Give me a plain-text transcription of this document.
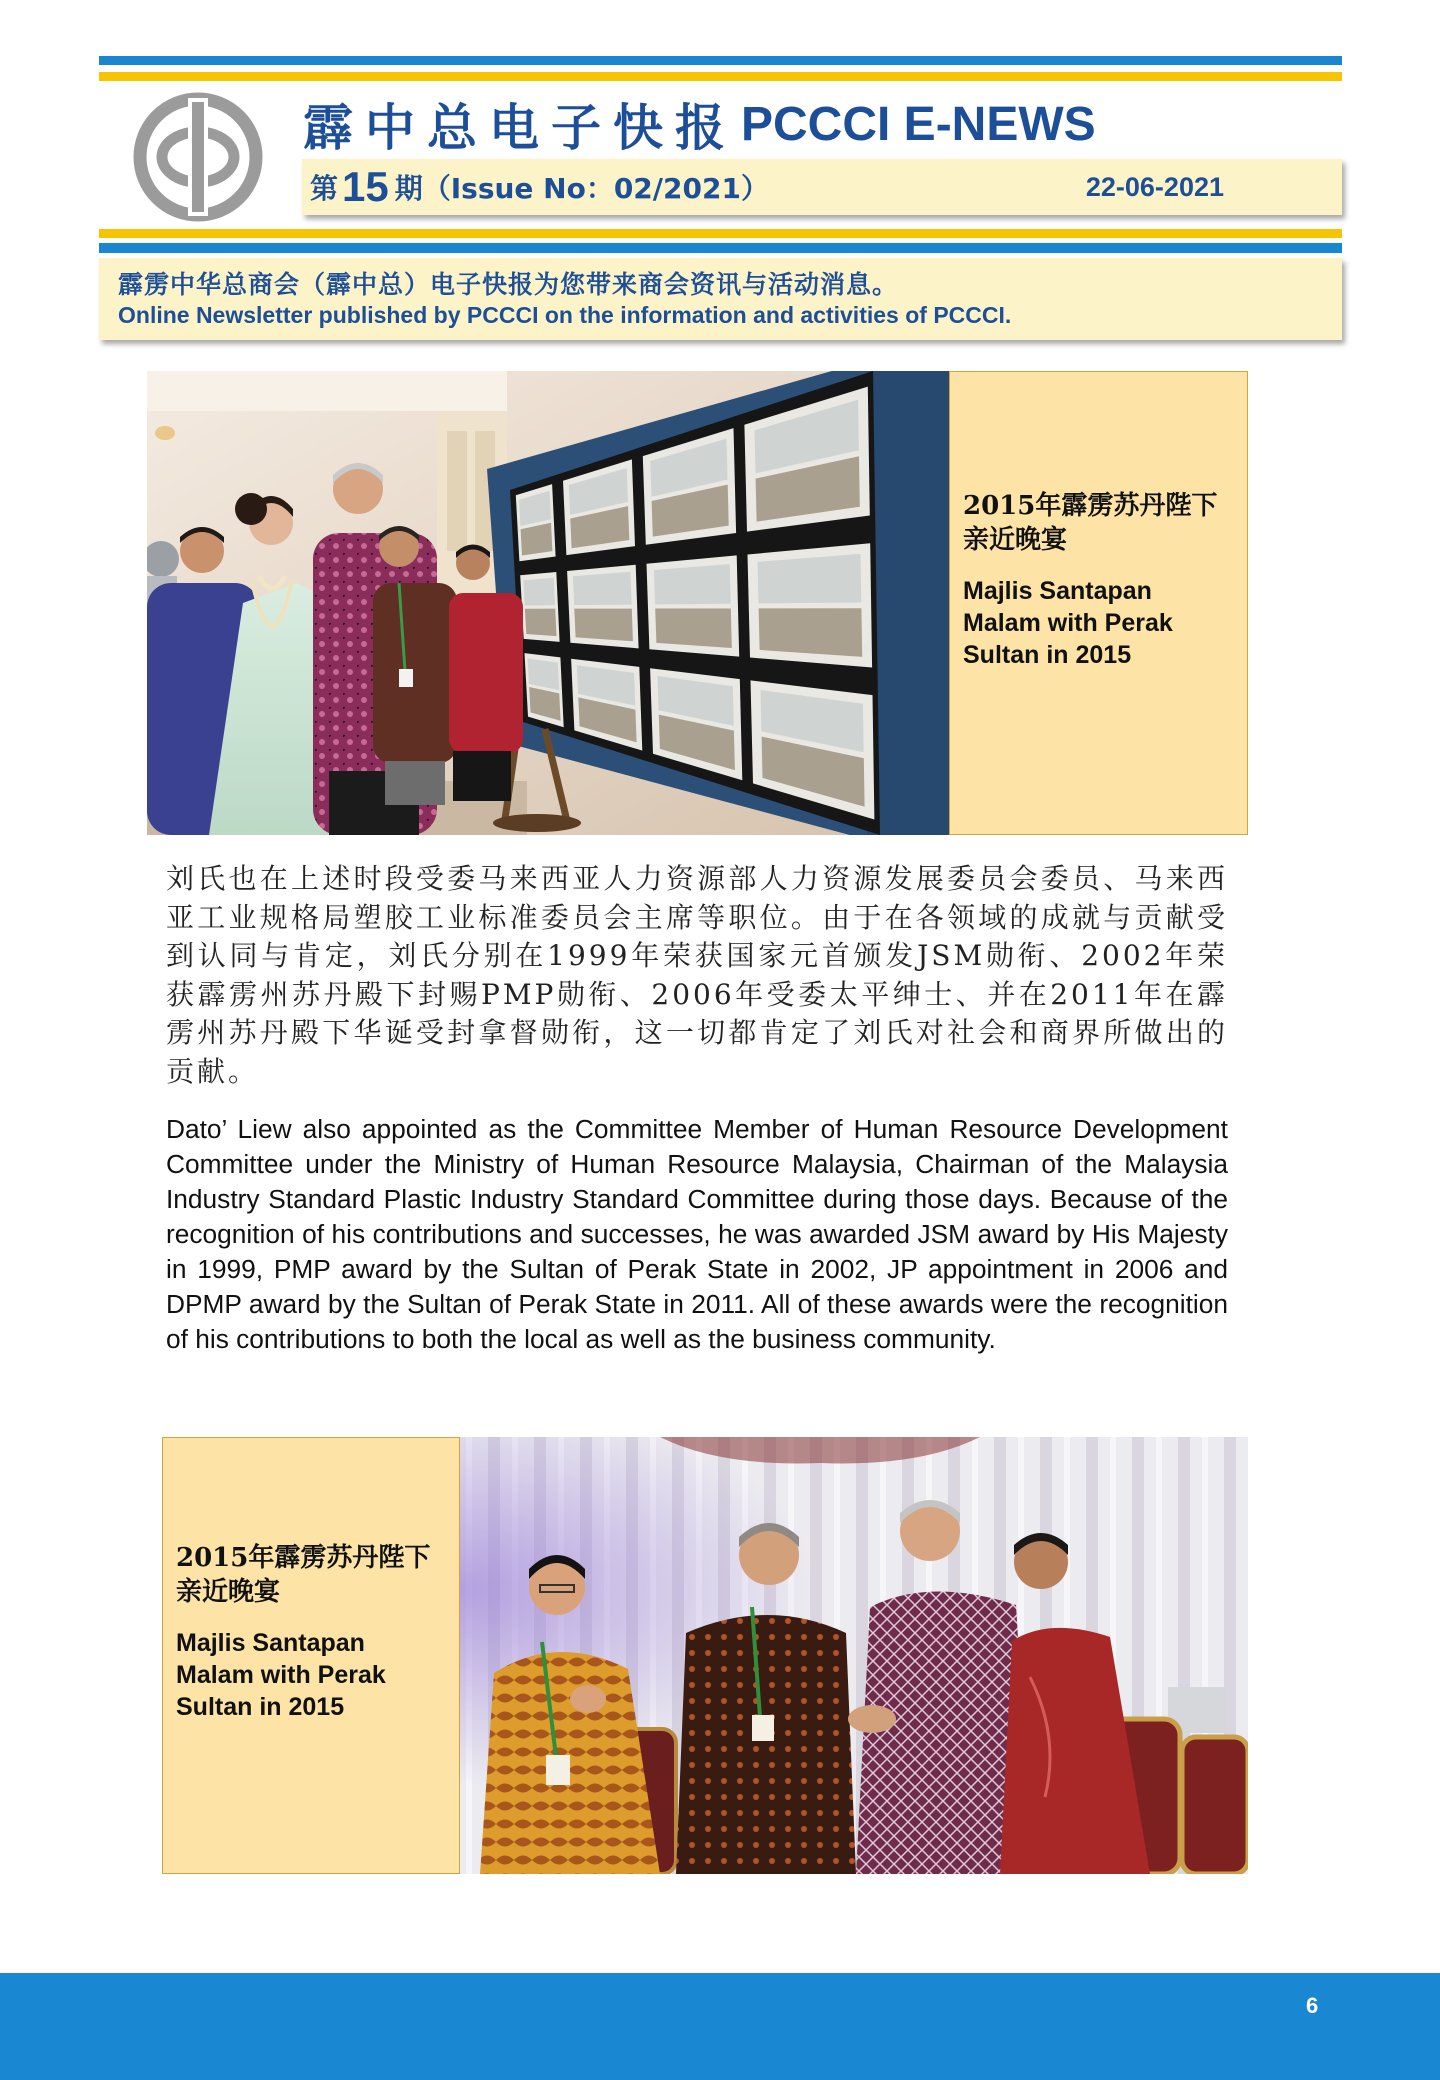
霹中总电子快报 PCCCI E-NEWS
第 15 期（Issue No：02/2021）	22-06-2021
霹雳中华总商会（霹中总）电子快报为您带来商会资讯与活动消息。
Online Newsletter published by PCCCI on the information and activities of PCCCI.
2015年霹雳苏丹陛下亲近晚宴
Majlis Santapan Malam with Perak Sultan in 2015

刘氏也在上述时段受委马来西亚人力资源部人力资源发展委员会委员、马来西亚工业规格局塑胶工业标准委员会主席等职位。由于在各领域的成就与贡献受到认同与肯定，刘氏分别在1999年荣获国家元首颁发JSM勋衔、2002年荣获霹雳州苏丹殿下封赐PMP勋衔、2006年受委太平绅士、并在2011年在霹雳州苏丹殿下华诞受封拿督勋衔，这一切都肯定了刘氏对社会和商界所做出的贡献。

Dato’ Liew also appointed as the Committee Member of Human Resource Development Committee under the Ministry of Human Resource Malaysia, Chairman of the Malaysia Industry Standard Plastic Industry Standard Committee during those days. Because of the recognition of his contributions and successes, he was awarded JSM award by His Majesty in 1999, PMP award by the Sultan of Perak State in 2002, JP appointment in 2006 and DPMP award by the Sultan of Perak State in 2011. All of these awards were the recognition of his contributions to both the local as well as the business community.

2015年霹雳苏丹陛下亲近晚宴
Majlis Santapan Malam with Perak Sultan in 2015
6
